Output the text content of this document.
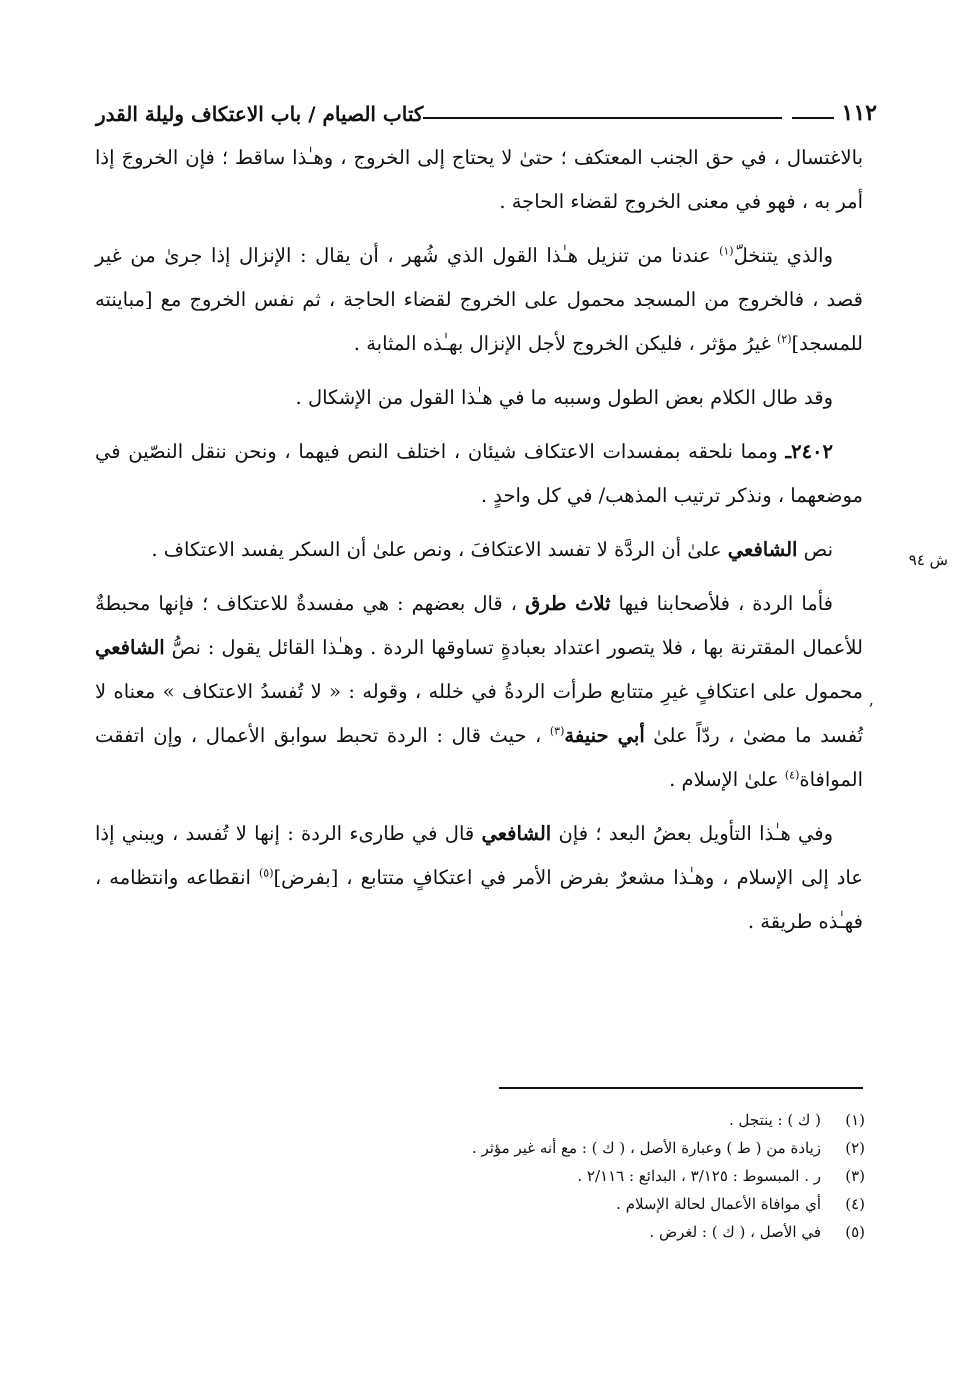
١١٢
كتاب الصيام / باب الاعتكاف وليلة القدر
ش ٩٤
ʼ

بالاغتسال ، في حق الجنب المعتكف ؛ حتىٰ لا يحتاج إلى الخروج ، وهـٰذا ساقط ؛ فإن الخروجَ إذا أمر به ، فهو في معنى الخروج لقضاء الحاجة .

والذي يتنخلّ$^{(١)}$ عندنا من تنزيل هـٰذا القول الذي شُهر ، أن يقال : الإنزال إذا جرىٰ من غير قصد ، فالخروج من المسجد محمول على الخروج لقضاء الحاجة ، ثم نفس الخروج مع [مباينته للمسجد]$^{(٢)}$ غيرُ مؤثر ، فليكن الخروج لأجل الإنزال بهـٰذه المثابة .

وقد طال الكلام بعض الطول وسببه ما في هـٰذا القول من الإشكال .

٢٤٠٢ـ ومما نلحقه بمفسدات الاعتكاف شيئان ، اختلف النص فيهما ، ونحن ننقل النصّين في موضعهما ، ونذكر ترتيب المذهب/ في كل واحدٍ .

نص الشافعي علىٰ أن الردَّة لا تفسد الاعتكافَ ، ونص علىٰ أن السكر يفسد الاعتكاف .

فأما الردة ، فلأصحابنا فيها ثلاث طرق ، قال بعضهم : هي مفسدةٌ للاعتكاف ؛ فإنها محبطةٌ للأعمال المقترنة بها ، فلا يتصور اعتداد بعبادةٍ تساوقها الردة . وهـٰذا القائل يقول : نصُّ الشافعي محمول على اعتكافٍ غيرِ متتابع طرأت الردةُ في خلله ، وقوله : « لا تُفسدُ الاعتكاف » معناه لا تُفسد ما مضىٰ ، ردّاً علىٰ أبي حنيفة$^{(٣)}$ ، حيث قال : الردة تحبط سوابق الأعمال ، وإن اتفقت الموافاة$^{(٤)}$ علىٰ الإسلام .

وفي هـٰذا التأويل بعضُ البعد ؛ فإن الشافعي قال في طارىء الردة : إنها لا تُفسد ، ويبني إذا عاد إلى الإسلام ، وهـٰذا مشعرٌ بفرض الأمر في اعتكافٍ متتابع ، [بفرض]$^{(٥)}$ انقطاعه وانتظامه ، فهـٰذه طريقة .

(١)
( ك ) : ينتجل .
(٢)
زيادة من ( ط ) وعبارة الأصل ، ( ك ) : مع أنه غير مؤثر .
(٣)
ر . المبسوط : ٣/١٢٥ ، البدائع : ٢/١١٦ .
(٤)
أي موافاة الأعمال لحالة الإسلام .
(٥)
في الأصل ، ( ك ) : لغرض .
